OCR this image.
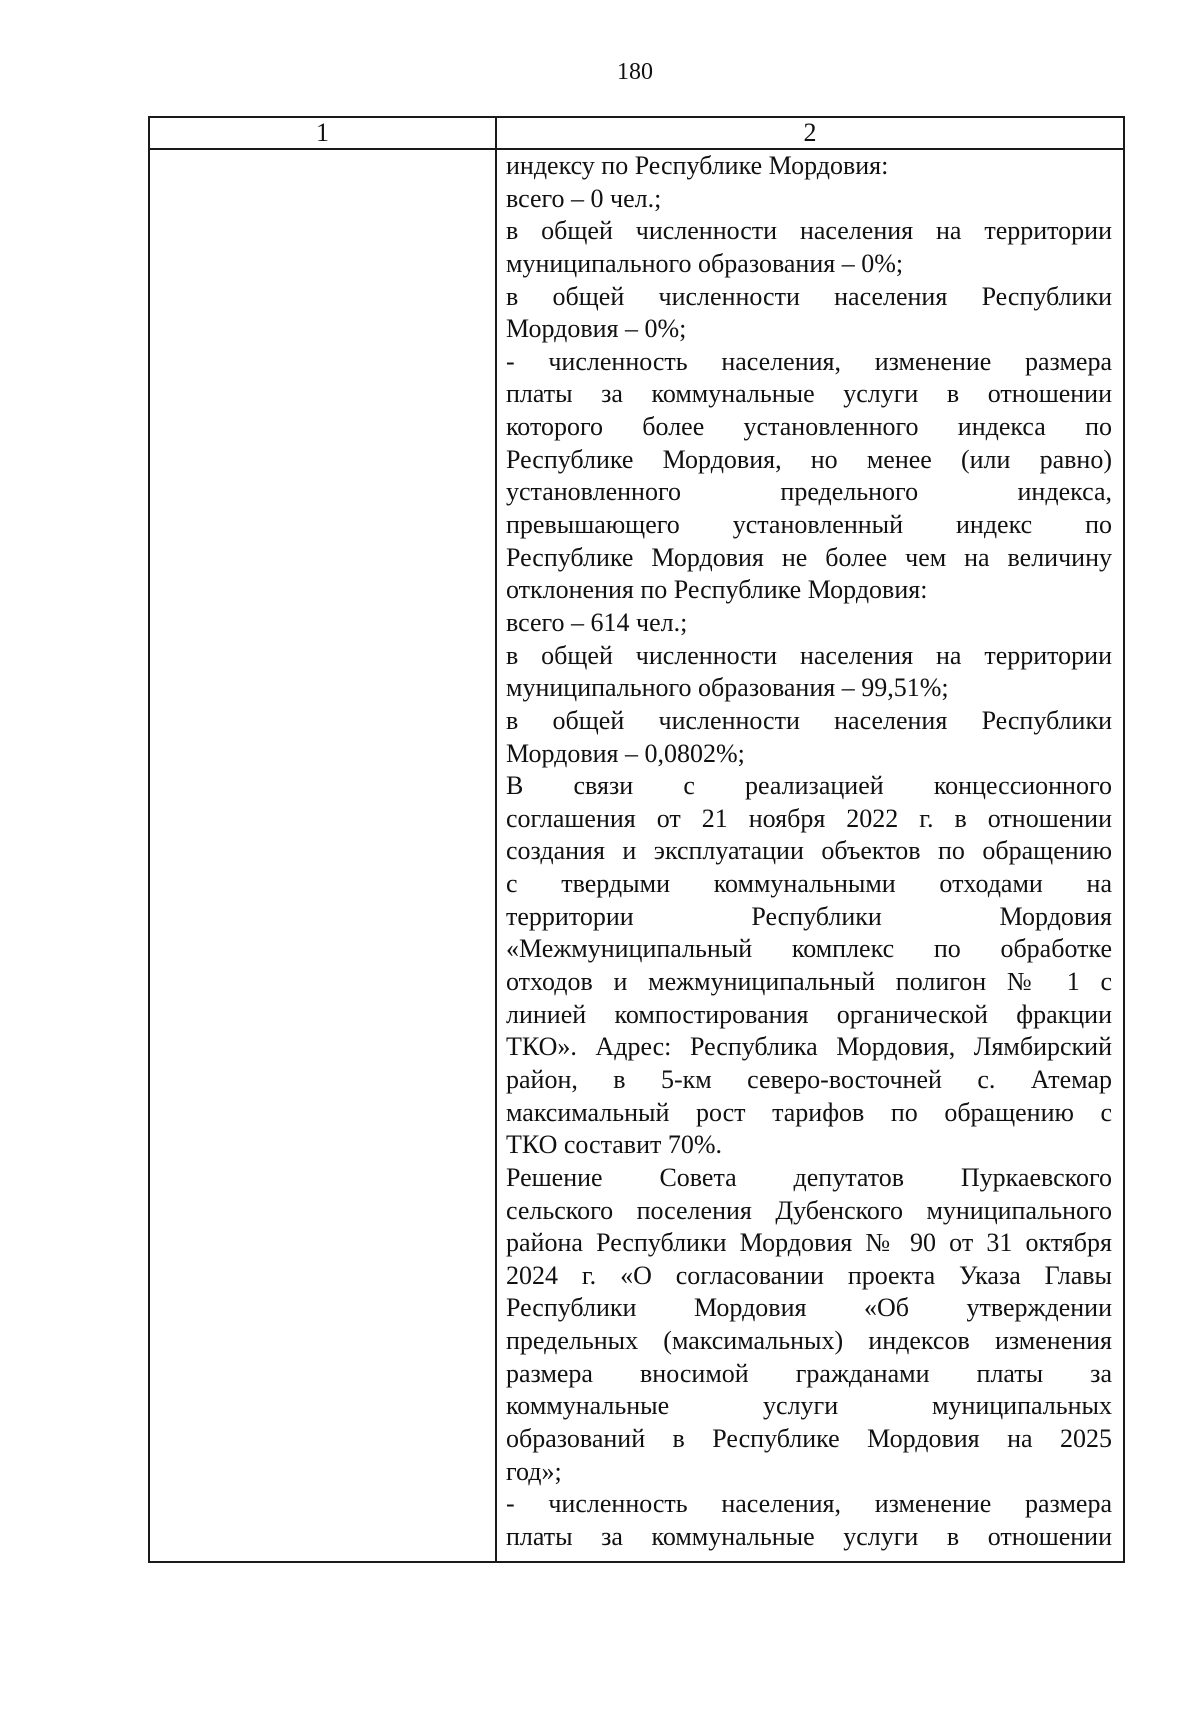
180
1	2
индексу по Республике Мордовия:
всего – 0 чел.;
в общей численности населения на территории
муниципального образования – 0%;
в общей численности населения Республики
Мордовия – 0%;
- численность населения, изменение размера
платы за коммунальные услуги в отношении
которого более установленного индекса по
Республике Мордовия, но менее (или равно)
установленного предельного индекса,
превышающего установленный индекс по
Республике Мордовия не более чем на величину
отклонения по Республике Мордовия:
всего – 614 чел.;
в общей численности населения на территории
муниципального образования – 99,51%;
в общей численности населения Республики
Мордовия – 0,0802%;
В связи с реализацией концессионного
соглашения от 21 ноября 2022 г. в отношении
создания и эксплуатации объектов по обращению
с твердыми коммунальными отходами на
территории Республики Мордовия
«Межмуниципальный комплекс по обработке
отходов и межмуниципальный полигон № 1 с
линией компостирования органической фракции
ТКО». Адрес: Республика Мордовия, Лямбирский
район, в 5-км северо-восточней с. Атемар
максимальный рост тарифов по обращению с
ТКО составит 70%.
Решение Совета депутатов Пуркаевского
сельского поселения Дубенского муниципального
района Республики Мордовия № 90 от 31 октября
2024 г. «О согласовании проекта Указа Главы
Республики Мордовия «Об утверждении
предельных (максимальных) индексов изменения
размера вносимой гражданами платы за
коммунальные услуги муниципальных
образований в Республике Мордовия на 2025
год»;
- численность населения, изменение размера
платы за коммунальные услуги в отношении
